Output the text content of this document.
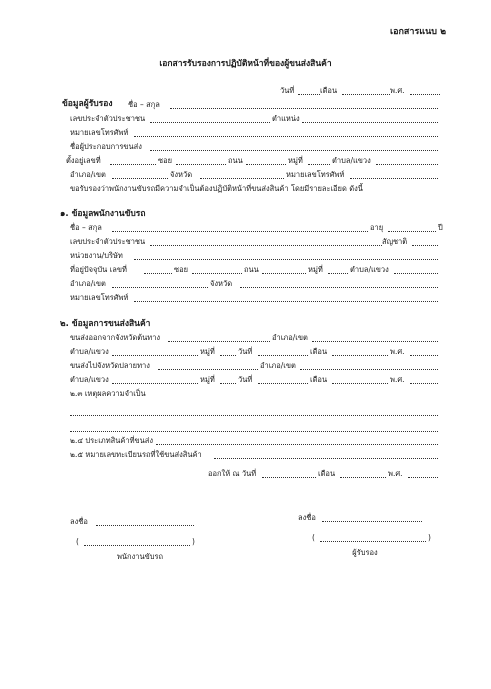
เอกสารแนบ ๒
เอกสารรับรองการปฏิบัติหน้าที่ของผู้ขนส่งสินค้า
วันที่	เดือน	พ.ศ.
ข้อมูลผู้รับรอง ชื่อ – สกุล
เลขประจำตัวประชาชน	ตำแหน่ง
หมายเลขโทรศัพท์
ชื่อผู้ประกอบการขนส่ง
ตั้งอยู่เลขที่	ซอย	ถนน	หมู่ที่	ตำบล/แขวง
อำเภอ/เขต	จังหวัด	หมายเลขโทรศัพท์
ขอรับรองว่าพนักงานขับรถมีความจำเป็นต้องปฏิบัติหน้าที่ขนส่งสินค้า โดยมีรายละเอียด ดังนี้
๑. ข้อมูลพนักงานขับรถ
ชื่อ – สกุล	อายุ	ปี
เลขประจำตัวประชาชน	สัญชาติ
หน่วยงาน/บริษัท
ที่อยู่ปัจจุบัน เลขที่	ซอย	ถนน	หมู่ที่	ตำบล/แขวง
อำเภอ/เขต	จังหวัด
หมายเลขโทรศัพท์
๒. ข้อมูลการขนส่งสินค้า
ขนส่งออกจากจังหวัดต้นทาง	อำเภอ/เขต
ตำบล/แขวง	หมู่ที่	วันที่	เดือน	พ.ศ.
ขนส่งไปจังหวัดปลายทาง	อำเภอ/เขต
ตำบล/แขวง	หมู่ที่	วันที่	เดือน	พ.ศ.
๒.๓ เหตุผลความจำเป็น
๒.๔ ประเภทสินค้าที่ขนส่ง
๒.๕ หมายเลขทะเบียนรถที่ใช้ขนส่งสินค้า
ออกให้ ณ วันที่	เดือน	พ.ศ.
ลงชื่อ
(	)
พนักงานขับรถ
ลงชื่อ
(	)
ผู้รับรอง
